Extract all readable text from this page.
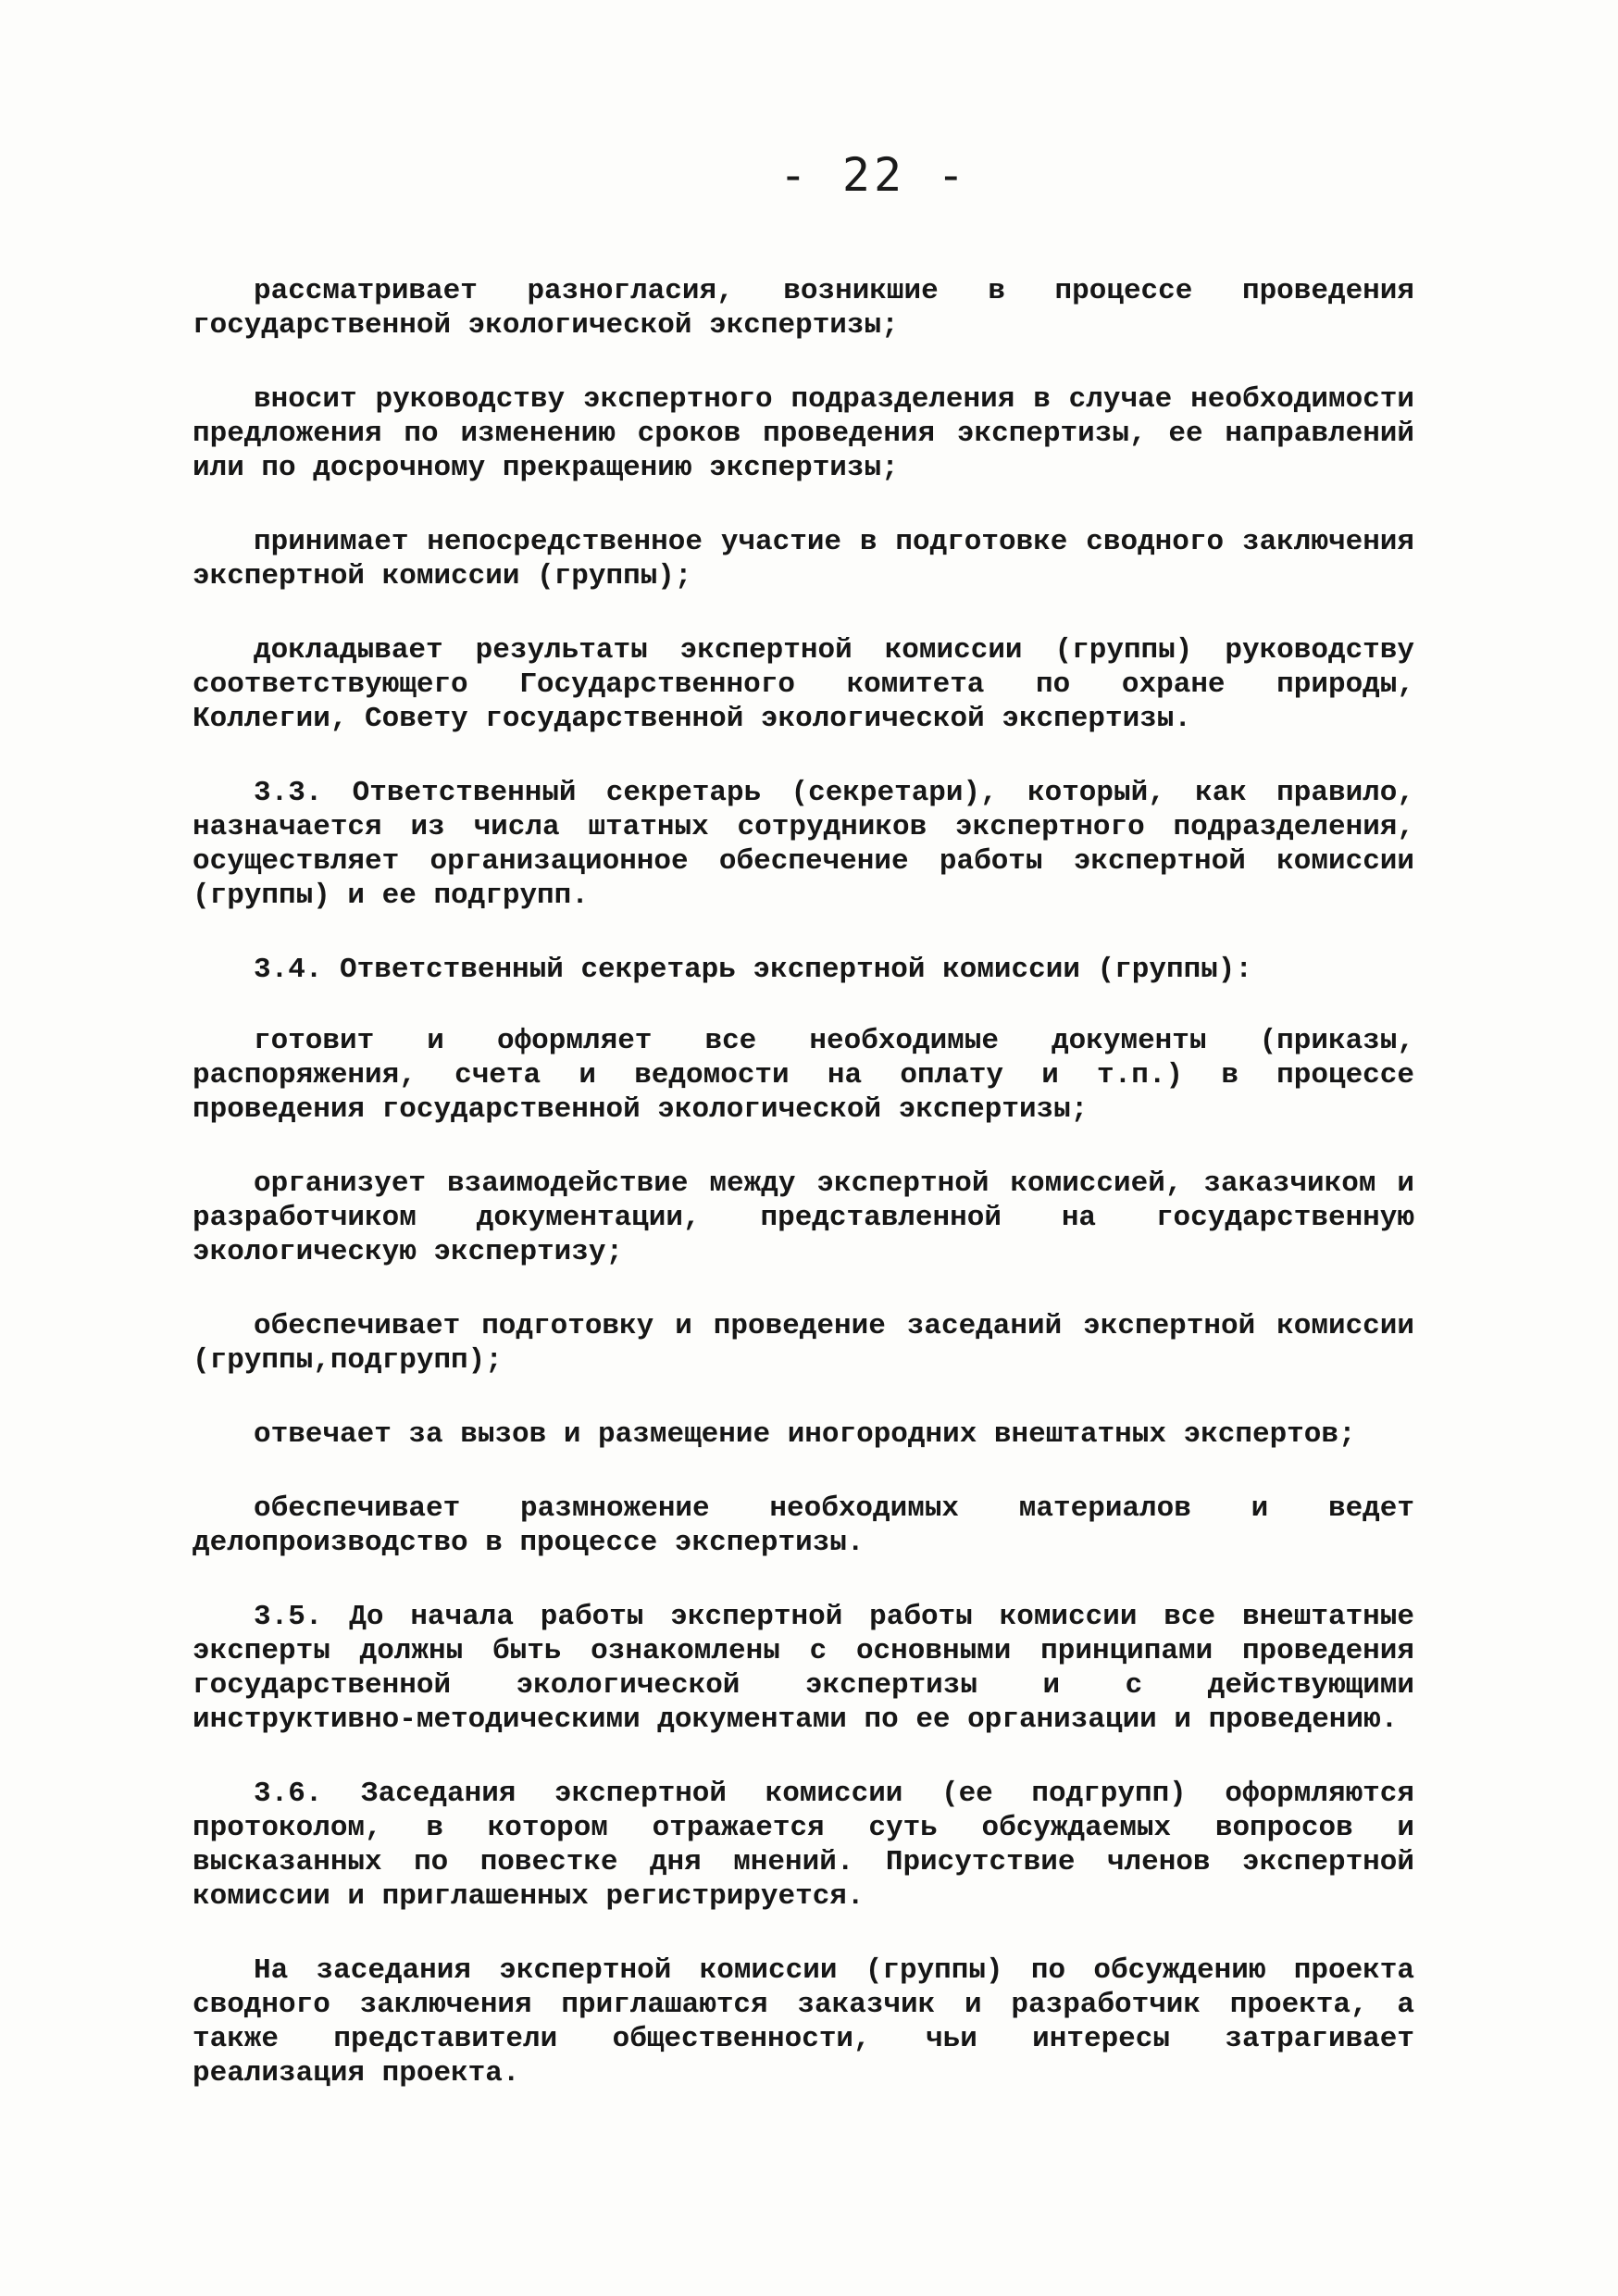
- 22 -

рассматривает разногласия, возникшие в процессе проведения государственной экологической экспертизы;

вносит руководству экспертного подразделения в случае необходимости предложения по изменению сроков проведения экспертизы, ее направлений или по досрочному прекращению экспертизы;

принимает непосредственное участие в подготовке сводного заключения экспертной комиссии (группы);

докладывает результаты экспертной комиссии (группы) руководству соответствующего Государственного комитета по охране природы, Коллегии, Совету государственной экологической экспертизы.

3.3. Ответственный секретарь (секретари), который, как правило, назначается из числа штатных сотрудников экспертного подразделения, осуществляет организационное обеспечение работы экспертной комиссии (группы) и ее подгрупп.

3.4. Ответственный секретарь экспертной комиссии (группы):

готовит и оформляет все необходимые документы (приказы, распоряжения, счета и ведомости на оплату и т.п.) в процессе проведения государственной экологической экспертизы;

организует взаимодействие между экспертной комиссией, заказчиком и разработчиком документации, представленной на государственную экологическую экспертизу;

обеспечивает подготовку и проведение заседаний экспертной комиссии (группы,подгрупп);

отвечает за вызов и размещение иногородних внештатных экспертов;

обеспечивает размножение необходимых материалов и ведет делопроизводство в процессе экспертизы.

3.5. До начала работы экспертной работы комиссии все внештатные эксперты должны быть ознакомлены с основными принципами проведения государственной экологической экспертизы и с действующими инструктивно-методическими документами по ее организации и проведению.

3.6. Заседания экспертной комиссии (ее подгрупп) оформляются протоколом, в котором отражается суть обсуждаемых вопросов и высказанных по повестке дня мнений. Присутствие членов экспертной комиссии и приглашенных регистрируется.

На заседания экспертной комиссии (группы) по обсуждению проекта сводного заключения приглашаются заказчик и разработчик проекта, а также представители общественности, чьи интересы затрагивает реализация проекта.
